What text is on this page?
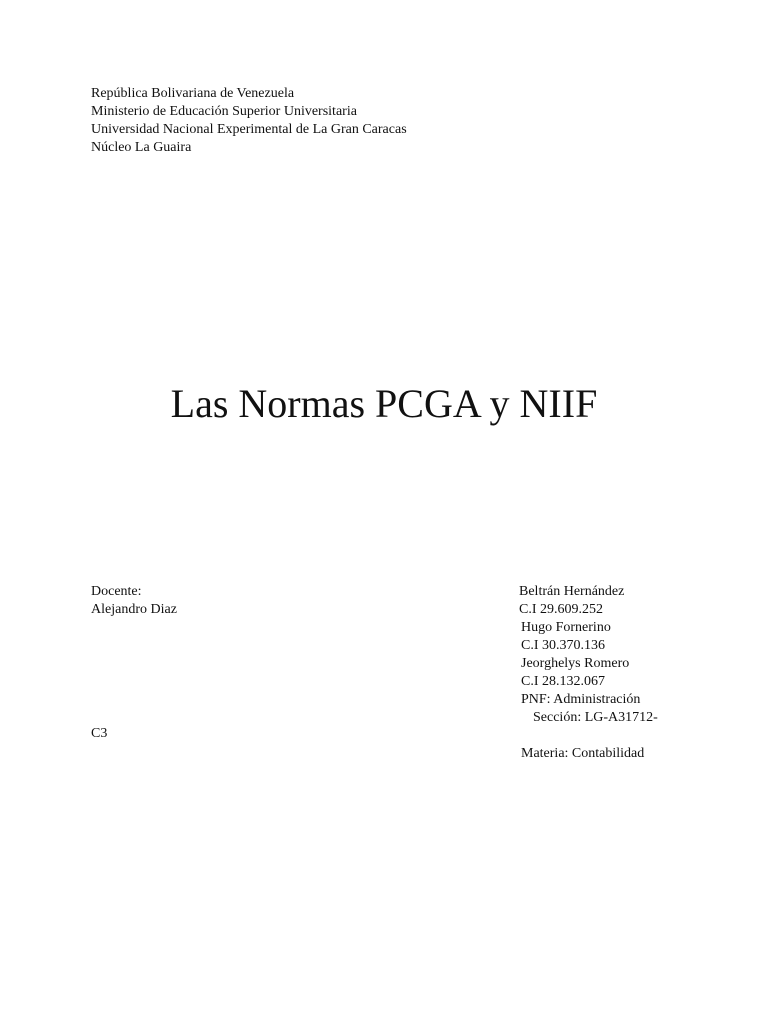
República Bolivariana de Venezuela
Ministerio de Educación Superior Universitaria
Universidad Nacional Experimental de La Gran Caracas
Núcleo La Guaira
Las Normas PCGA y NIIF
Docente:
Alejandro Diaz
C3
Beltrán Hernández
C.I 29.609.252
Hugo Fornerino
C.I 30.370.136
Jeorghelys Romero
C.I 28.132.067
PNF: Administración
Sección: LG-A31712-
Materia: Contabilidad
